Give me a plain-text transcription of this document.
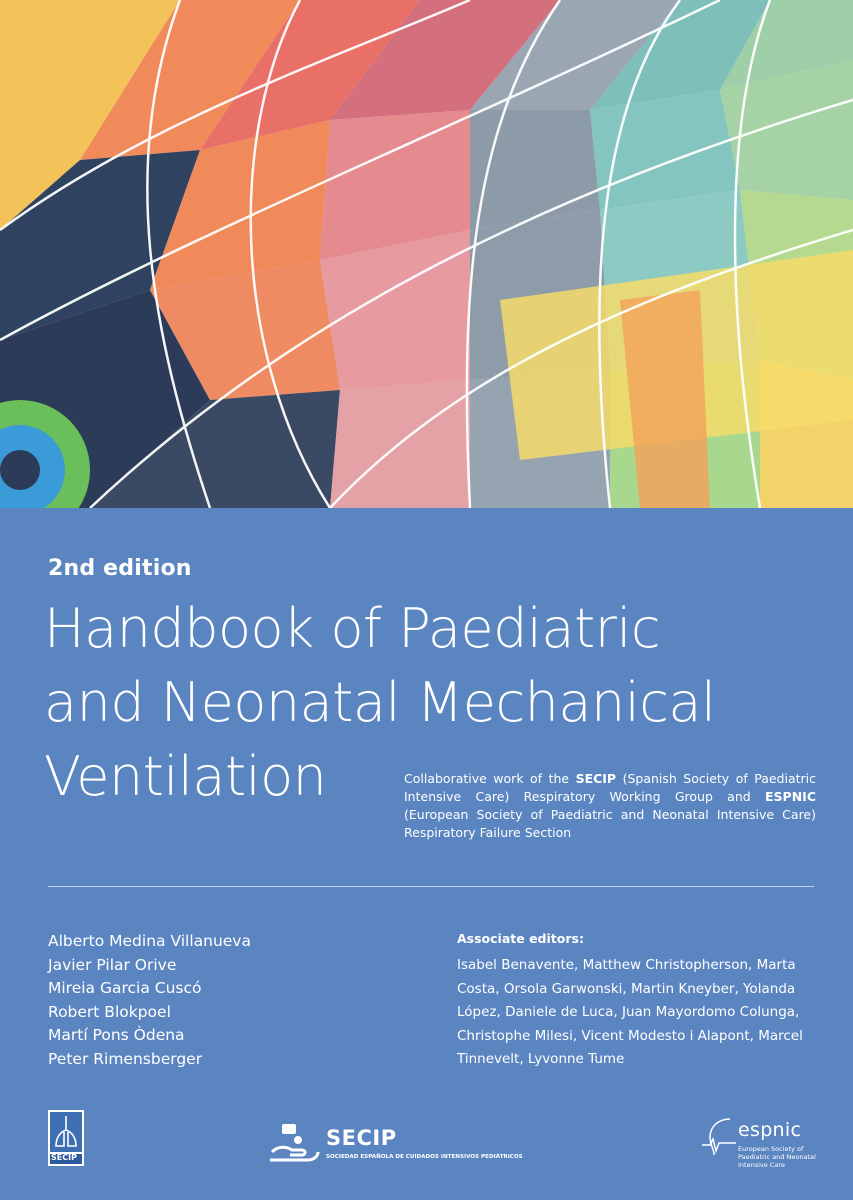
2nd edition
Handbook of Paediatric
and Neonatal Mechanical
Ventilation	Collaborative work of the SECIP (Spanish Society of Paediatric Intensive Care) Respiratory Working Group and ESPNIC (European Society of Paediatric and Neonatal Intensive Care) Respiratory Failure Section

Alberto Medina Villanueva
Javier Pilar Orive
Mireia Garcia Cuscó
Robert Blokpoel
Martí Pons Òdena
Peter Rimensberger
Associate editors:

Isabel Benavente, Matthew Christopherson, Marta Costa, Orsola Garwonski, Martin Kneyber, Yolanda López, Daniele de Luca, Juan Mayordomo Colunga, Christophe Milesi, Vicent Modesto i Alapont, Marcel Tinnevelt, Lyvonne Tume

SECIP
SECIP
SOCIEDAD ESPAÑOLA DE CUIDADOS INTENSIVOS PEDIÁTRICOS
espnic
European Society of Paediatric and Neonatal Intensive Care
